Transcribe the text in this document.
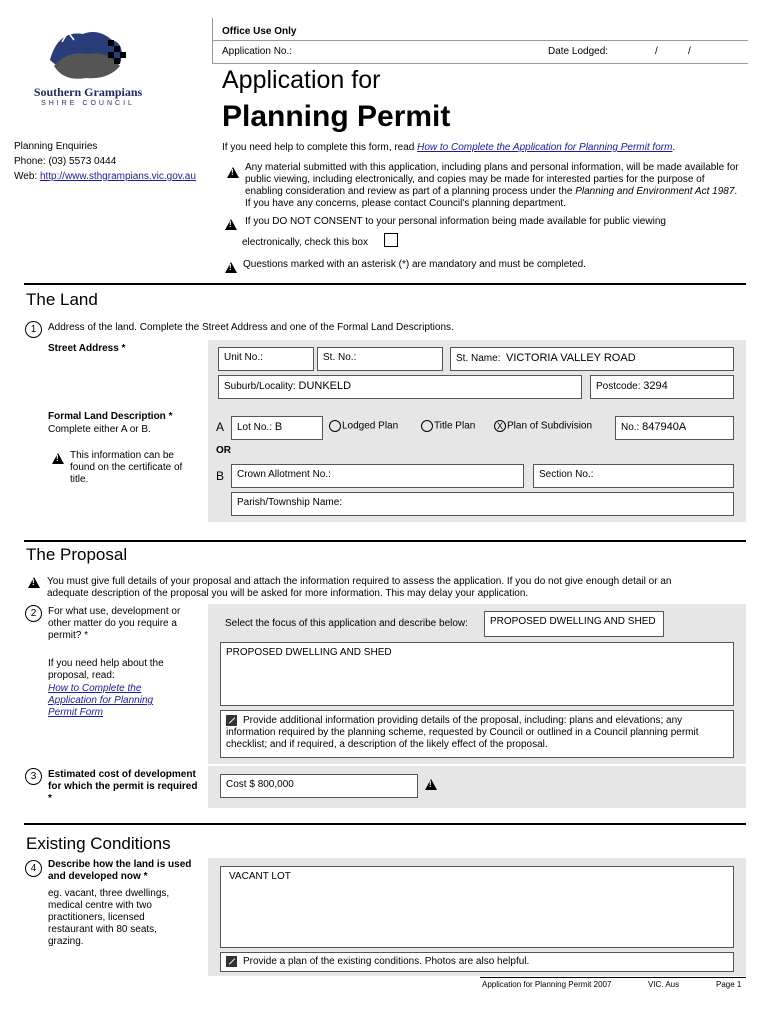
Southern Grampians
SHIRE COUNCIL
Planning Enquiries
Phone: (03) 5573 0444
Web: http://www.sthgrampians.vic.gov.au
Office Use Only
Application No.:	Date Lodged:	/	/
Application for
Planning Permit
If you need help to complete this form, read How to Complete the Application for Planning Permit form.
!
Any material submitted with this application, including plans and personal information, will be made available for public viewing, including electronically, and copies may be made for interested parties for the purpose of enabling consideration and review as part of a planning process under the Planning and Environment Act 1987. If you have any concerns, please contact Council's planning department.
!
If you DO NOT CONSENT to your personal information being made available for public viewing
electronically, check this box
!
Questions marked with an asterisk (*) are mandatory and must be completed.
The Land
1	Address of the land. Complete the Street Address and one of the Formal Land Descriptions.
Street Address *
Unit No.:	St. No.:	St. Name: VICTORIA VALLEY ROAD
Suburb/Locality: DUNKELD	Postcode: 3294
Formal Land Description *
Complete either A or B.
!
This information can be found on the certificate of title.
A	Lot No.: B	Lodged Plan	Title Plan	X Plan of Subdivision	No.: 847940A
OR
B	Crown Allotment No.:	Section No.:
Parish/Township Name:
The Proposal
!
You must give full details of your proposal and attach the information required to assess the application. If you do not give enough detail or an adequate description of the proposal you will be asked for more information. This may delay your application.
2	For what use, development or other matter do you require a permit? *
If you need help about the proposal, read:
How to Complete the Application for Planning Permit Form
Select the focus of this application and describe below:	PROPOSED DWELLING AND SHED
PROPOSED DWELLING AND SHED
Provide additional information providing details of the proposal, including: plans and elevations; any information required by the planning scheme, requested by Council or outlined in a Council planning permit checklist; and if required, a description of the likely effect of the proposal.
3	Estimated cost of development for which the permit is required *
Cost $ 800,000
!
Existing Conditions
4	Describe how the land is used and developed now *
eg. vacant, three dwellings, medical centre with two practitioners, licensed restaurant with 80 seats, grazing.
VACANT LOT
Provide a plan of the existing conditions. Photos are also helpful.
Application for Planning Permit 2007	VIC. Aus	Page 1
